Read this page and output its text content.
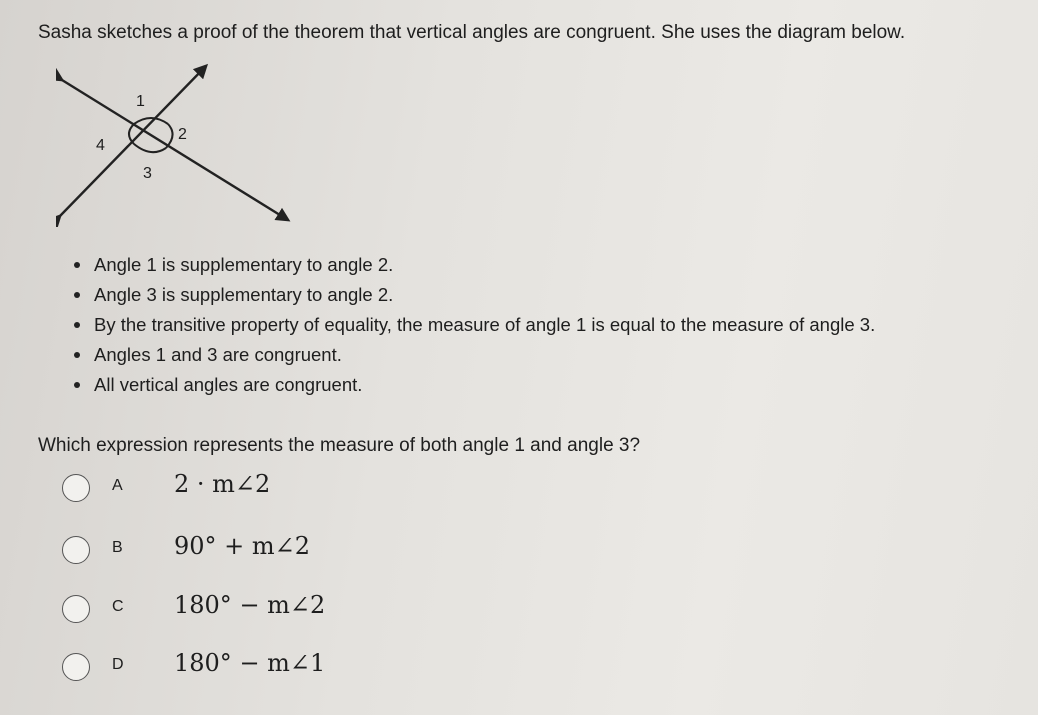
Sasha sketches a proof of the theorem that vertical angles are congruent. She uses the diagram below.
1
2
3
4
Angle 1 is supplementary to angle 2.
Angle 3 is supplementary to angle 2.
By the transitive property of equality, the measure of angle 1 is equal to the measure of angle 3.
Angles 1 and 3 are congruent.
All vertical angles are congruent.
Which expression represents the measure of both angle 1 and angle 3?
A 2 · m∠2
B 90° + m∠2
C 180° − m∠2
D 180° − m∠1
